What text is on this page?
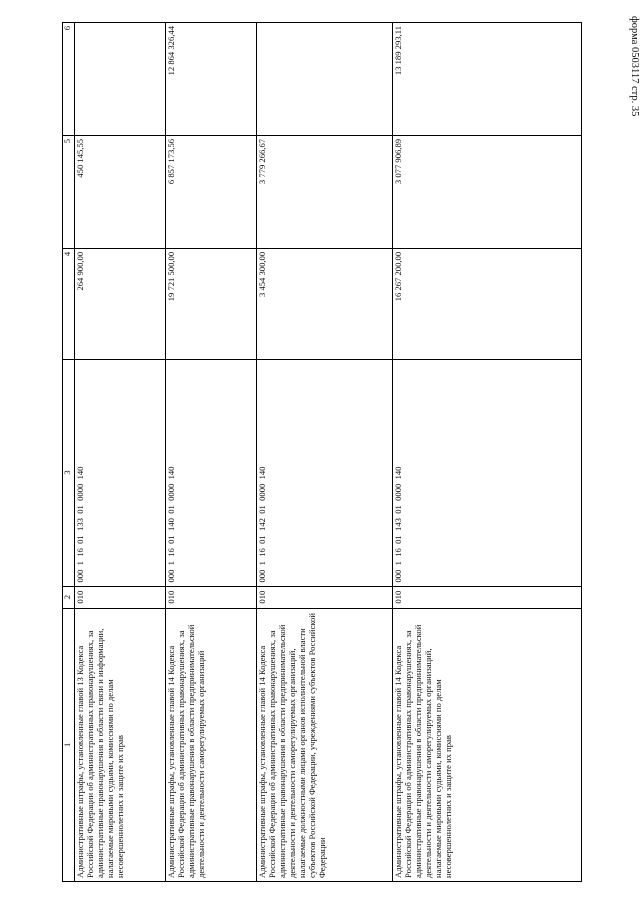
форма 0503117 стр. 35
1	2	3	4	5	6
Административные штрафы, установленные главой 13 Кодекса Российской Федерации об административных правонарушениях, за административные правонарушения в области связи и информации, налагаемые мировыми судьями, комиссиями по делам несовершеннолетних и защите их прав	010	000  1  16  01  133  01  0000  140	264 900,00	450 145,55	
Административные штрафы, установленные главой 14 Кодекса Российской Федерации об административных правонарушениях, за административные правонарушения в области предпринимательской деятельности и деятельности саморегулируемых организаций	010	000  1  16  01  140  01  0000  140	19 721 500,00	6 857 173,56	12 864 326,44
Административные штрафы, установленные главой 14 Кодекса Российской Федерации об административных правонарушениях, за административные правонарушения в области предпринимательской деятельности и деятельности саморегулируемых организаций, налагаемые должностными лицами органов исполнительной власти субъектов Российской Федерации, учреждениями субъектов Российской Федерации	010	000  1  16  01  142  01  0000  140	3 454 300,00	3 779 266,67	
Административные штрафы, установленные главой 14 Кодекса Российской Федерации об административных правонарушениях, за административные правонарушения в области предпринимательской деятельности и деятельности саморегулируемых организаций, налагаемые мировыми судьями, комиссиями по делам несовершеннолетних и защите их прав	010	000  1  16  01  143  01  0000  140	16 267 200,00	3 077 906,89	13 189 293,11
